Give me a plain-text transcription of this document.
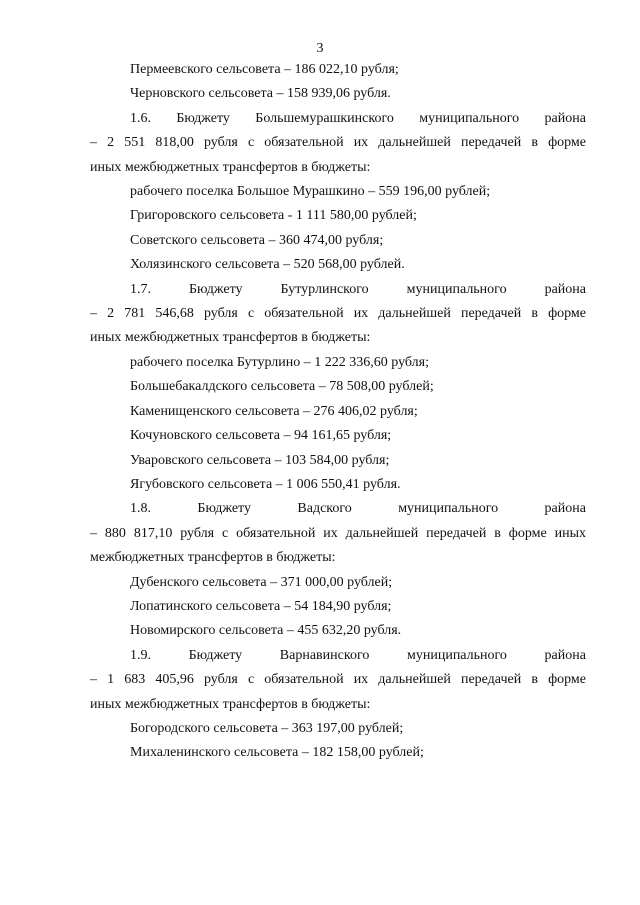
3
Пермеевского сельсовета – 186 022,10 рубля;
Черновского сельсовета – 158 939,06 рубля.
1.6. Бюджету Большемурашкинского муниципального района
– 2 551 818,00 рубля с обязательной их дальнейшей передачей в форме
иных межбюджетных трансфертов в бюджеты:
рабочего поселка Большое Мурашкино – 559 196,00 рублей;
Григоровского сельсовета - 1 111 580,00 рублей;
Советского сельсовета – 360 474,00 рубля;
Холязинского сельсовета – 520 568,00 рублей.
1.7.	Бюджету	Бутурлинского	муниципального	района
– 2 781 546,68 рубля с обязательной их дальнейшей передачей в форме
иных межбюджетных трансфертов в бюджеты:
рабочего поселка Бутурлино – 1 222 336,60 рубля;
Большебакалдского сельсовета – 78 508,00 рублей;
Каменищенского сельсовета – 276 406,02 рубля;
Кочуновского сельсовета – 94 161,65 рубля;
Уваровского сельсовета – 103 584,00 рубля;
Ягубовского сельсовета – 1 006 550,41 рубля.
1.8.	Бюджету	Вадского	муниципального	района
– 880 817,10 рубля с обязательной их дальнейшей передачей в форме иных
межбюджетных трансфертов в бюджеты:
Дубенского сельсовета – 371 000,00 рублей;
Лопатинского сельсовета – 54 184,90 рубля;
Новомирского сельсовета – 455 632,20 рубля.
1.9.	Бюджету	Варнавинского	муниципального	района
– 1 683 405,96 рубля с обязательной их дальнейшей передачей в форме
иных межбюджетных трансфертов в бюджеты:
Богородского сельсовета – 363 197,00 рублей;
Михаленинского сельсовета – 182 158,00 рублей;
